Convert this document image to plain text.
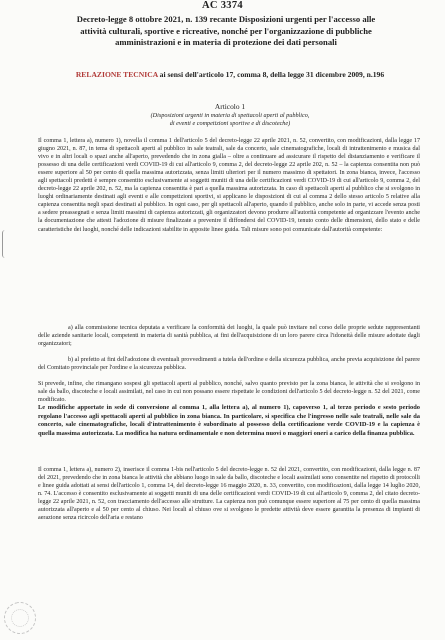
AC 3374
Decreto-legge 8 ottobre 2021, n. 139 recante Disposizioni urgenti per l'accesso alle attività culturali, sportive e ricreative, nonché per l'organizzazione di pubbliche amministrazioni e in materia di protezione dei dati personali
RELAZIONE TECNICA ai sensi dell'articolo 17, comma 8, della legge 31 dicembre 2009, n.196
Articolo 1
(Disposizioni urgenti in materia di spettacoli aperti al pubblico,
di eventi e competizioni sportive e di discoteche)

Il comma 1, lettera a), numero 1), novella il comma 1 dell'articolo 5 del decreto-legge 22 aprile 2021, n. 52, convertito, con modificazioni, dalla legge 17 giugno 2021, n. 87, in tema di spettacoli aperti al pubblico in sale teatrali, sale da concerto, sale cinematografiche, locali di intrattenimento e musica dal vivo e in altri locali o spazi anche all'aperto, prevedendo che in zona gialla – oltre a continuare ad assicurare il rispetto del distanziamento e verificare il possesso di una delle certificazioni verdi COVID-19 di cui all'articolo 9, comma 2, del decreto-legge 22 aprile 202, n. 52 – la capienza consentita non può essere superiore al 50 per cento di quella massima autorizzata, senza limiti ulteriori per il numero massimo di spettatori. In zona bianca, invece, l'accesso agli spettacoli predetti è sempre consentito esclusivamente ai soggetti muniti di una delle certificazioni verdi COVID-19 di cui all'articolo 9, comma 2, del decreto-legge 22 aprile 202, n. 52, ma la capienza consentita è pari a quella massima autorizzata. In caso di spettacoli aperti al pubblico che si svolgono in luoghi ordinariamente destinati agli eventi e alle competizioni sportivi, si applicano le disposizioni di cui al comma 2 dello stesso articolo 5 relative alla capienza consentita negli spazi destinati al pubblico. In ogni caso, per gli spettacoli all'aperto, quando il pubblico, anche solo in parte, vi accede senza posti a sedere preassegnati e senza limiti massimi di capienza autorizzati, gli organizzatori devono produrre all'autorità competente ad organizzare l'evento anche la documentazione che attesti l'adozione di misure finalizzate a prevenire il diffondersi del COVID-19, tenuto conto delle dimensioni, dello stato e delle caratteristiche dei luoghi, nonché delle indicazioni stabilite in apposite linee guida. Tali misure sono poi comunicate dall'autorità competente:

a) alla commissione tecnica deputata a verificare la conformità dei luoghi, la quale può invitare nel corso delle proprie sedute rappresentanti delle aziende sanitarie locali, competenti in materia di sanità pubblica, ai fini dell'acquisizione di un loro parere circa l'idoneità delle misure adottate dagli organizzatori;

b) al prefetto ai fini dell'adozione di eventuali provvedimenti a tutela dell'ordine e della sicurezza pubblica, anche previa acquisizione del parere del Comitato provinciale per l'ordine e la sicurezza pubblica.

Si prevede, infine, che rimangano sospesi gli spettacoli aperti al pubblico, nonché, salvo quanto previsto per la zona bianca, le attività che si svolgono in sale da ballo, discoteche e locali assimilati, nel caso in cui non possano essere rispettate le condizioni dell'articolo 5 del decreto-legge n. 52 del 2021, come modificato.

Le modifiche apportate in sede di conversione al comma 1, alla lettera a), al numero 1), capoverso 1, al terzo periodo e sesto periodo regolano l'accesso agli spettacoli aperti al pubblico in zona bianca. In particolare, si specifica che l'ingresso nelle sale teatrali, nelle sale da concerto, sale cinematografiche, locali d'intrattenimento è subordinato al possesso della certificazione verde COVID-19 e la capienza è quella massima autorizzata. La modifica ha natura ordinamentale e non determina nuovi o maggiori oneri a carico della finanza pubblica.

Il comma 1, lettera a), numero 2), inserisce il comma 1-bis nell'articolo 5 del decreto-legge n. 52 del 2021, convertito, con modificazioni, dalla legge n. 87 del 2021, prevedendo che in zona bianca le attività che abbiano luogo in sale da ballo, discoteche e locali assimilati sono consentite nel rispetto di protocolli e linee guida adottati ai sensi dell'articolo 1, comma 14, del decreto-legge 16 maggio 2020, n. 33, convertito, con modificazioni, dalla legge 14 luglio 2020, n. 74. L'accesso è consentito esclusivamente ai soggetti muniti di una delle certificazioni verdi COVID-19 di cui all'articolo 9, comma 2, del citato decreto-legge 22 aprile 2021, n. 52, con tracciamento dell'accesso alle strutture. La capienza non può comunque essere superiore al 75 per cento di quella massima autorizzata all'aperto e al 50 per cento al chiuso. Nei locali al chiuso ove si svolgono le predette attività deve essere garantita la presenza di impianti di aerazione senza ricircolo dell'aria e restano
